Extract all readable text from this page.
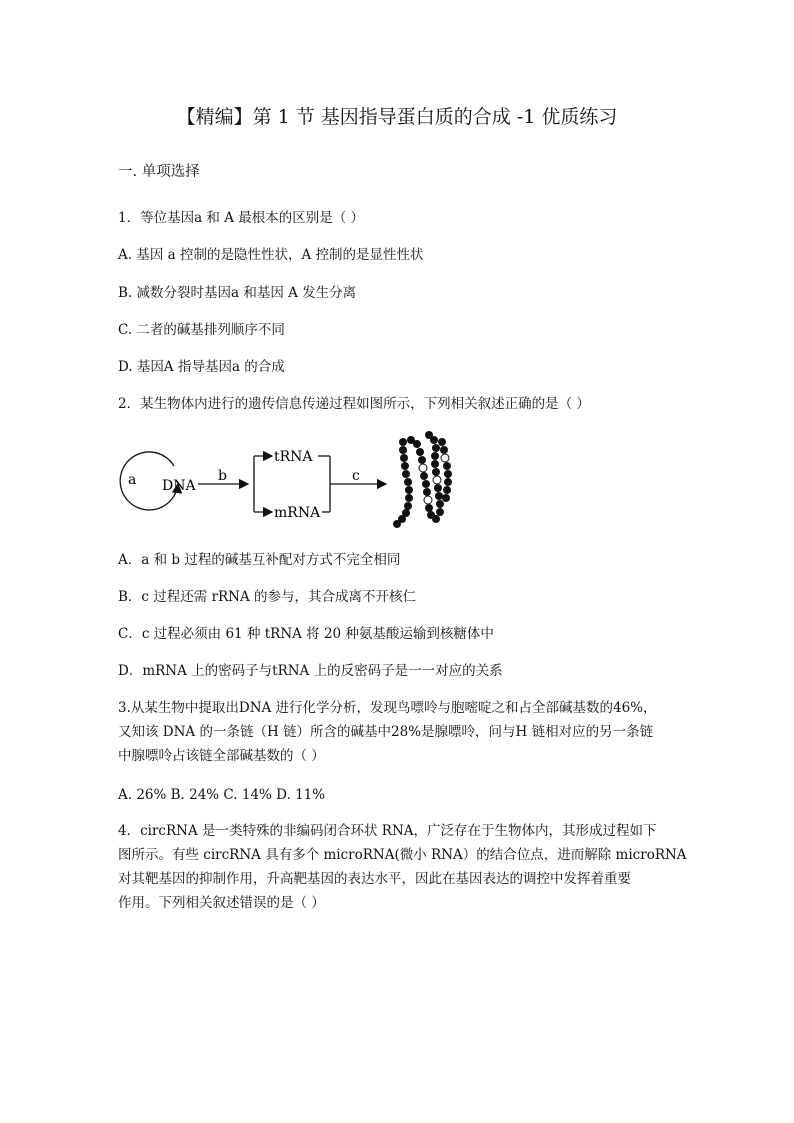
【精编】第 1 节 基因指导蛋白质的合成 -1 优质练习
一. 单项选择
1．等位基因a 和 A 最根本的区别是（ ）
A. 基因 a 控制的是隐性性状，A 控制的是显性性状
B. 减数分裂时基因a 和基因 A 发生分离
C. 二者的碱基排列顺序不同
D. 基因A 指导基因a 的合成
2．某生物体内进行的遗传信息传递过程如图所示，下列相关叙述正确的是（ ）
a DNA
b
tRNA
mRNA
c
A．a 和 b 过程的碱基互补配对方式不完全相同
B．c 过程还需 rRNA 的参与，其合成离不开核仁
C．c 过程必须由 61 种 tRNA 将 20 种氨基酸运输到核糖体中
D．mRNA 上的密码子与tRNA 上的反密码子是一一对应的关系
3.从某生物中提取出DNA 进行化学分析，发现鸟嘌呤与胞嘧啶之和占全部碱基数的46%，
又知该 DNA 的一条链（H 链）所含的碱基中28%是腺嘌呤，问与H 链相对应的另一条链
中腺嘌呤占该链全部碱基数的（ ）
A. 26% B. 24% C. 14% D. 11%
4．circRNA 是一类特殊的非编码闭合环状 RNA，广泛存在于生物体内，其形成过程如下
图所示。有些 circRNA 具有多个 microRNA(微小 RNA）的结合位点，进而解除 microRNA
对其靶基因的抑制作用，升高靶基因的表达水平，因此在基因表达的调控中发挥着重要
作用。下列相关叙述错误的是（ ）
